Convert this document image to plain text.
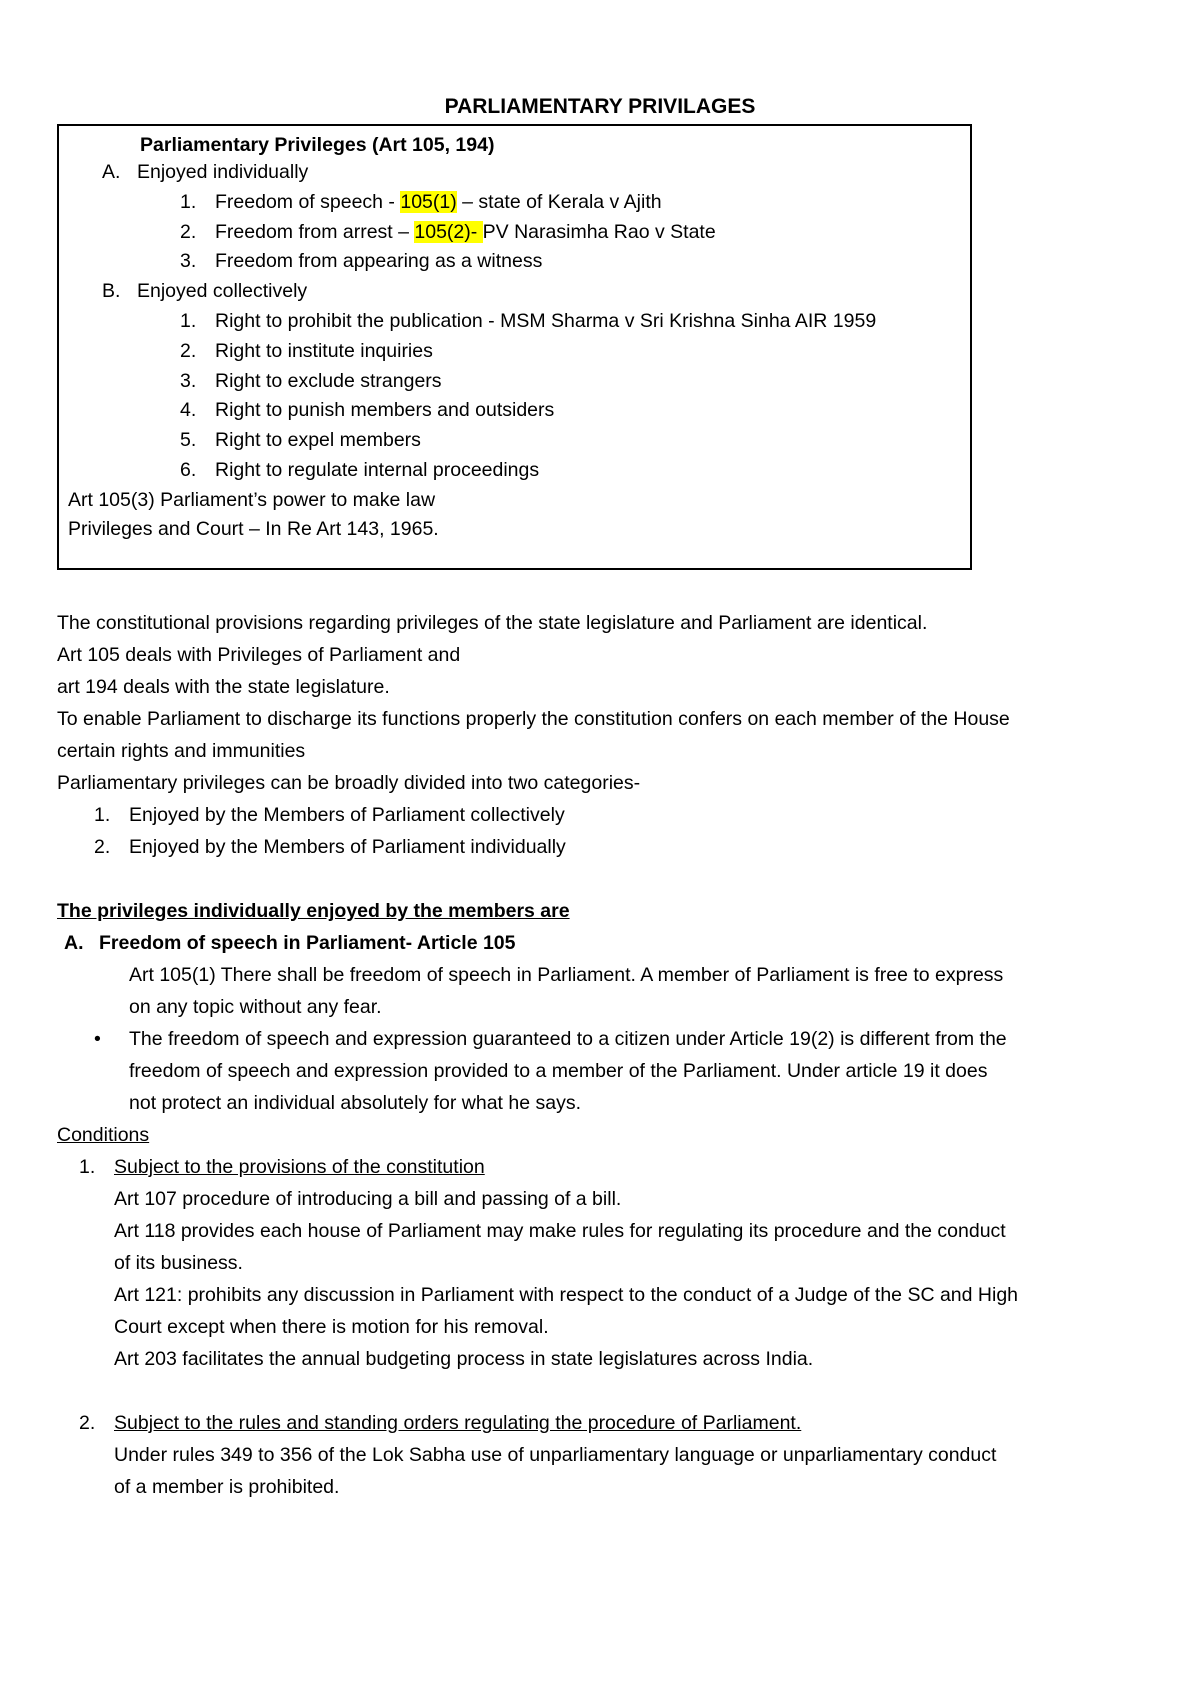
PARLIAMENTARY PRIVILAGES
Parliamentary Privileges (Art 105, 194)
A. Enjoyed individually
1. Freedom of speech - 105(1) – state of Kerala v Ajith
2. Freedom from arrest – 105(2)- PV Narasimha Rao v State
3. Freedom from appearing as a witness
B. Enjoyed collectively
1. Right to prohibit the publication - MSM Sharma v Sri Krishna Sinha AIR 1959
2. Right to institute inquiries
3. Right to exclude strangers
4. Right to punish members and outsiders
5. Right to expel members
6. Right to regulate internal proceedings
Art 105(3) Parliament’s power to make law
Privileges and Court – In Re Art 143, 1965.
The constitutional provisions regarding privileges of the state legislature and Parliament are identical.
Art 105 deals with Privileges of Parliament and
art 194 deals with the state legislature.
To enable Parliament to discharge its functions properly the constitution confers on each member of the House
certain rights and immunities
Parliamentary privileges can be broadly divided into two categories-
1. Enjoyed by the Members of Parliament collectively
2. Enjoyed by the Members of Parliament individually
The privileges individually enjoyed by the members are
A. Freedom of speech in Parliament- Article 105
Art 105(1) There shall be freedom of speech in Parliament. A member of Parliament is free to express
on any topic without any fear.
• The freedom of speech and expression guaranteed to a citizen under Article 19(2) is different from the
freedom of speech and expression provided to a member of the Parliament. Under article 19 it does
not protect an individual absolutely for what he says.
Conditions
1. Subject to the provisions of the constitution
Art 107 procedure of introducing a bill and passing of a bill.
Art 118 provides each house of Parliament may make rules for regulating its procedure and the conduct
of its business.
Art 121: prohibits any discussion in Parliament with respect to the conduct of a Judge of the SC and High
Court except when there is motion for his removal.
Art 203 facilitates the annual budgeting process in state legislatures across India.
2. Subject to the rules and standing orders regulating the procedure of Parliament.
Under rules 349 to 356 of the Lok Sabha use of unparliamentary language or unparliamentary conduct
of a member is prohibited.
